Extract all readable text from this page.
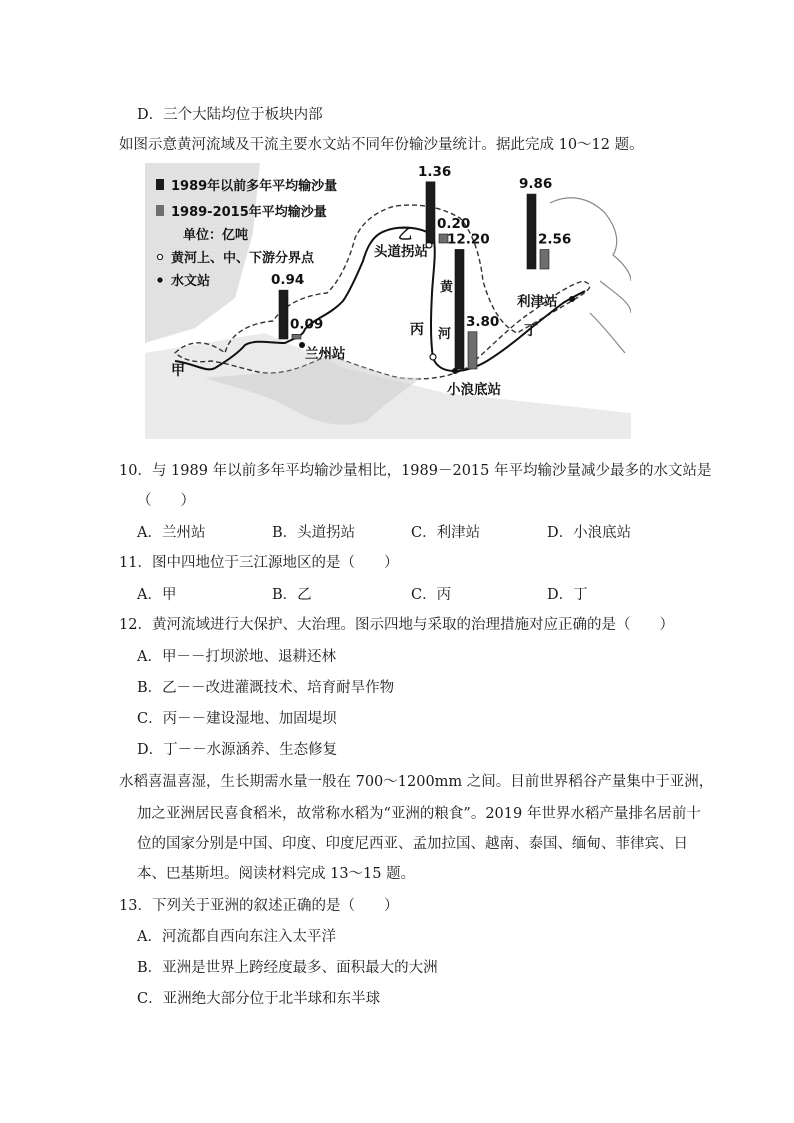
D．三个大陆均位于板块内部
如图示意黄河流域及干流主要水文站不同年份输沙量统计。据此完成 10～12 题。
1989年以前多年平均输沙量
1989-2015年平均输沙量
单位：亿吨
黄河上、中、下游分界点
水文站	0.94
0.09
1.36
0.20
12.20
3.80
9.86
2.56
兰州站
头道拐站
小浪底站
利津站
甲
乙
丙	丁
黄
河
10．与 1989 年以前多年平均输沙量相比，1989－2015 年平均输沙量减少最多的水文站是
（　　）
A．兰州站	B．头道拐站	C．利津站	D．小浪底站
11．图中四地位于三江源地区的是（　　）
A．甲	B．乙	C．丙	D．丁
12．黄河流域进行大保护、大治理。图示四地与采取的治理措施对应正确的是（　　）
A．甲－－打坝淤地、退耕还林
B．乙－－改进灌溉技术、培育耐旱作物
C．丙－－建设湿地、加固堤坝
D．丁－－水源涵养、生态修复
水稻喜温喜湿，生长期需水量一般在 700～1200mm 之间。目前世界稻谷产量集中于亚洲，
加之亚洲居民喜食稻米，故常称水稻为“亚洲的粮食”。2019 年世界水稻产量排名居前十
位的国家分别是中国、印度、印度尼西亚、孟加拉国、越南、泰国、缅甸、菲律宾、日
本、巴基斯坦。阅读材料完成 13～15 题。
13．下列关于亚洲的叙述正确的是（　　）
A．河流都自西向东注入太平洋
B．亚洲是世界上跨经度最多、面积最大的大洲
C．亚洲绝大部分位于北半球和东半球
